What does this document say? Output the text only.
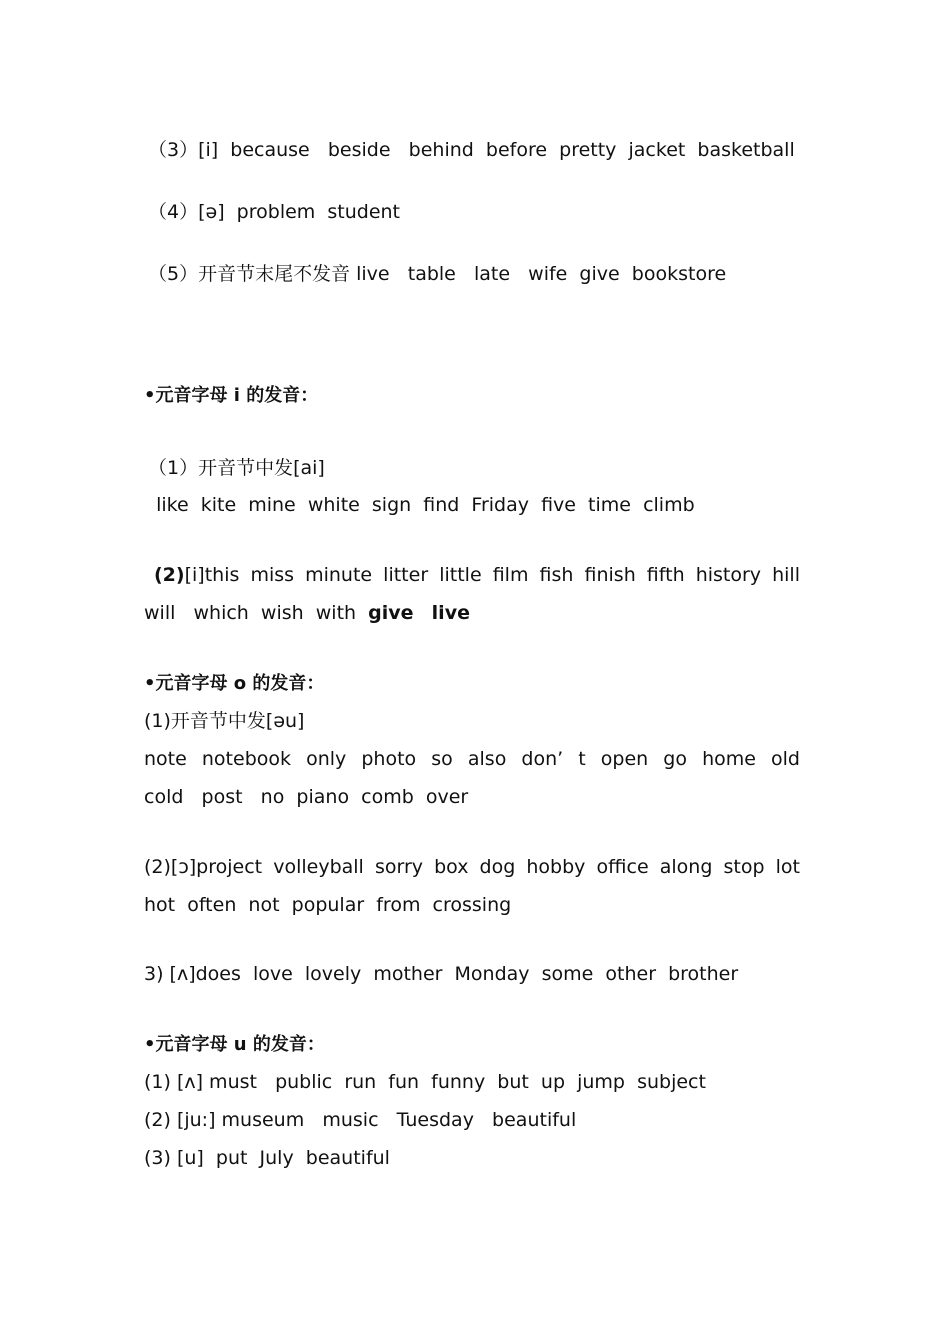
（3）[i]  because   beside   behind  before  pretty  jacket  basketball
（4）[ə]  problem  student
（5）开音节末尾不发音 live   table   late   wife  give  bookstore
•元音字母 i 的发音：
（1）开音节中发[ai]
like  kite  mine  white  sign  find  Friday  five  time  climb
(2)[i]this miss minute litter little film fish finish fifth history hill
will   which  wish  with  give live
•元音字母 o 的发音：
(1)开音节中发[əu]
note notebook only photo so also don’ t open go home old
cold   post   no  piano  comb  over
(2)[ɔ]project volleyball sorry box dog hobby office along stop lot
hot  often  not  popular  from  crossing
3) [ʌ]does  love  lovely  mother  Monday  some  other  brother
•元音字母 u 的发音：
(1) [ʌ] must   public  run  fun  funny  but  up  jump  subject
(2) [ju:] museum   music   Tuesday   beautiful
(3) [u]  put  July  beautiful
